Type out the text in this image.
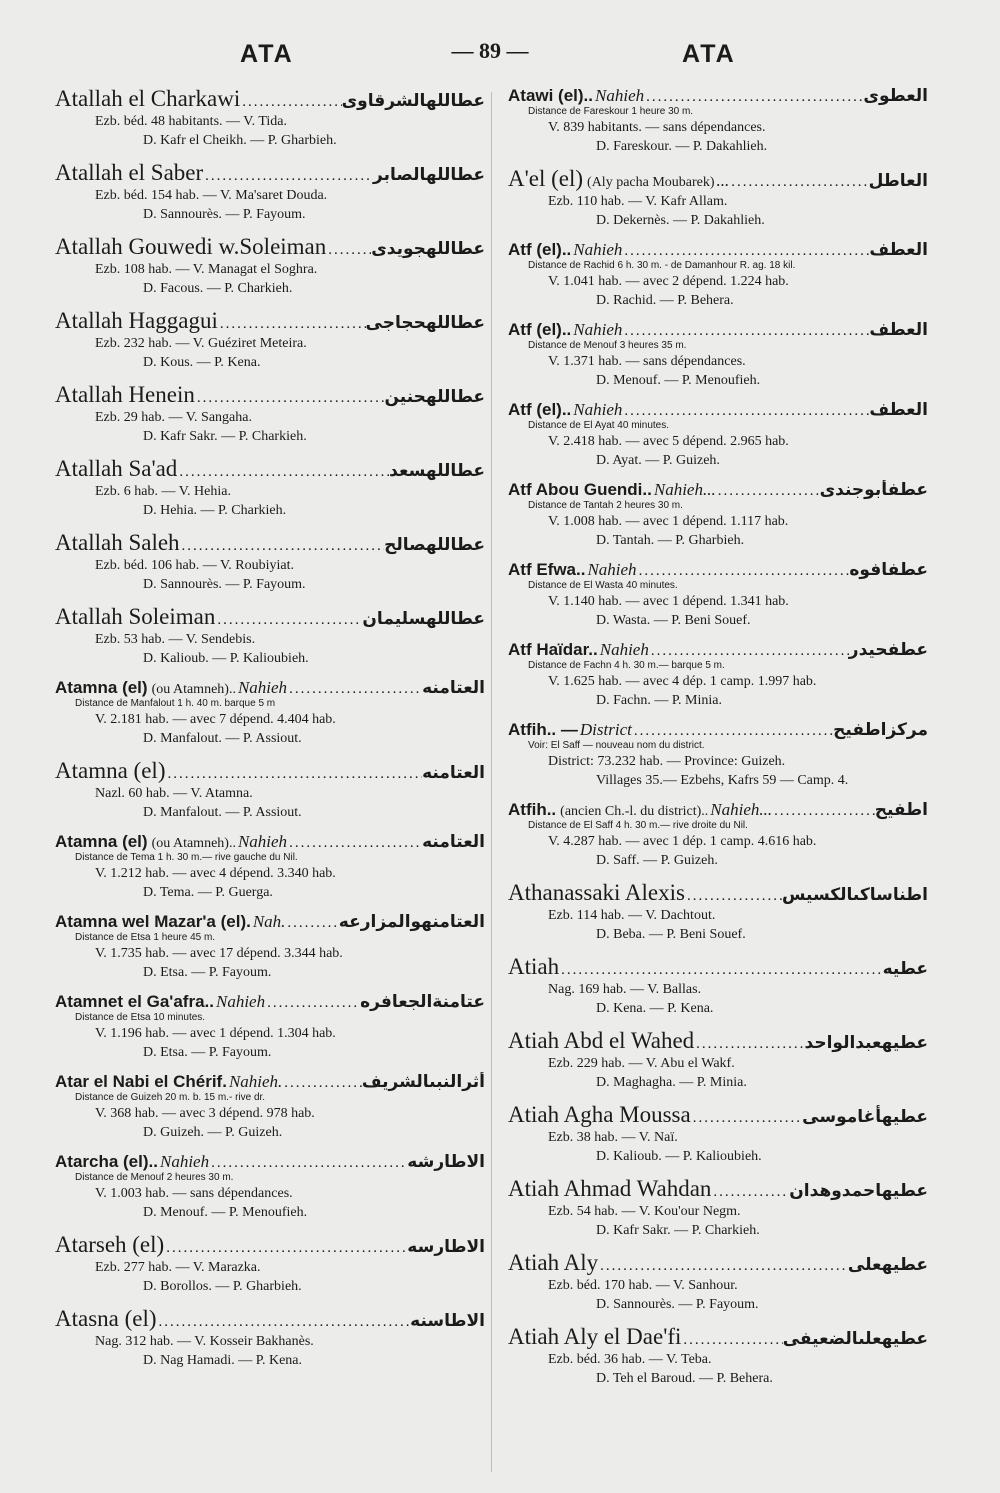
ATA	— 89 —	ATA
Atallah el Charkawi .....	عطاللهالشرقاوى
Ezb. béd. 48 habitants. — V. Tida.
D. Kafr el Cheikh. — P. Gharbieh.
Atallah el Saber .....	عطاللهالصابر
Ezb. béd. 154 hab. — V. Ma'saret Douda.
D. Sannourès. — P. Fayoum.
Atallah Gouwedi w.Soleiman .....	عطاللهجويدى
Ezb. 108 hab. — V. Managat el Soghra.
D. Facous. — P. Charkieh.
Atallah Haggagui .....	عطاللهحجاجى
Ezb. 232 hab. — V. Guéziret Meteira.
D. Kous. — P. Kena.
Atallah Henein .....	عطاللهحنين
Ezb. 29 hab. — V. Sangaha.
D. Kafr Sakr. — P. Charkieh.
Atallah Sa'ad .....	عطاللهسعد
Ezb. 6 hab. — V. Hehia.
D. Hehia. — P. Charkieh.
Atallah Saleh .....	عطاللهصالح
Ezb. béd. 106 hab. — V. Roubiyiat.
D. Sannourès. — P. Fayoum.
Atallah Soleiman .....	عطاللهسليمان
Ezb. 53 hab. — V. Sendebis.
D. Kalioub. — P. Kalioubieh.
Atamna (el) (ou Atamneh).. Nahieh .....	العتامنه
Distance de Manfalout 1 h. 40 m. barque 5 m
V. 2.181 hab. — avec 7 dépend. 4.404 hab.
D. Manfalout. — P. Assiout.
Atamna (el) .....	العتامنه
Nazl. 60 hab. — V. Atamna.
D. Manfalout. — P. Assiout.
Atamna (el) (ou Atamneh).. Nahieh .....	العتامنه
Distance de Tema 1 h. 30 m.— rive gauche du Nil.
V. 1.212 hab. — avec 4 dépend. 3.340 hab.
D. Tema. — P. Guerga.
Atamna wel Mazar'a (el). Nah. .....	العتامنهوالمزارعه
Distance de Etsa 1 heure 45 m.
V. 1.735 hab. — avec 17 dépend. 3.344 hab.
D. Etsa. — P. Fayoum.
Atamnet el Ga'afra.. Nahieh .....	عتامنةالجعافره
Distance de Etsa 10 minutes.
V. 1.196 hab. — avec 1 dépend. 1.304 hab.
D. Etsa. — P. Fayoum.
Atar el Nabi el Chérif. Nahieh. .....	أثرالنبىالشريف
Distance de Guizeh 20 m. b. 15 m.- rive dr.
V. 368 hab. — avec 3 dépend. 978 hab.
D. Guizeh. — P. Guizeh.
Atarcha (el).. Nahieh .....	الاطارشه
Distance de Menouf 2 heures 30 m.
V. 1.003 hab. — sans dépendances.
D. Menouf. — P. Menoufieh.
Atarseh (el) .....	الاطارسه
Ezb. 277 hab. — V. Marazka.
D. Borollos. — P. Gharbieh.
Atasna (el) .....	الاطاسنه
Nag. 312 hab. — V. Kosseir Bakhanès.
D. Nag Hamadi. — P. Kena.
Atawi (el).. Nahieh .....	العطوى
Distance de Fareskour 1 heure 30 m.
V. 839 habitants. — sans dépendances.
D. Fareskour. — P. Dakahlieh.
A'el (el) (Aly pacha Moubarek) ... .....	العاطل
Ezb. 110 hab. — V. Kafr Allam.
D. Dekernès. — P. Dakahlieh.
Atf (el).. Nahieh .....	العطف
Distance de Rachid 6 h. 30 m. - de Damanhour R. ag. 18 kil.
V. 1.041 hab. — avec 2 dépend. 1.224 hab.
D. Rachid. — P. Behera.
Atf (el).. Nahieh .....	العطف
Distance de Menouf 3 heures 35 m.
V. 1.371 hab. — sans dépendances.
D. Menouf. — P. Menoufieh.
Atf (el).. Nahieh .....	العطف
Distance de El Ayat 40 minutes.
V. 2.418 hab. — avec 5 dépend. 2.965 hab.
D. Ayat. — P. Guizeh.
Atf Abou Guendi.. Nahieh... .....	عطفأبوجندى
Distance de Tantah 2 heures 30 m.
V. 1.008 hab. — avec 1 dépend. 1.117 hab.
D. Tantah. — P. Gharbieh.
Atf Efwa.. Nahieh .....	عطفافوه
Distance de El Wasta 40 minutes.
V. 1.140 hab. — avec 1 dépend. 1.341 hab.
D. Wasta. — P. Beni Souef.
Atf Haïdar.. Nahieh .....	عطفحيدر
Distance de Fachn 4 h. 30 m.— barque 5 m.
V. 1.625 hab. — avec 4 dép. 1 camp. 1.997 hab.
D. Fachn. — P. Minia.
Atfih.. — District .....	مركزاطفيح
Voir: El Saff — nouveau nom du district.
District: 73.232 hab. — Province: Guizeh.
Villages 35.— Ezbehs, Kafrs 59 — Camp. 4.
Atfih.. (ancien Ch.-l. du district).. Nahieh... .....	اطفيح
Distance de El Saff 4 h. 30 m.— rive droite du Nil.
V. 4.287 hab. — avec 1 dép. 1 camp. 4.616 hab.
D. Saff. — P. Guizeh.
Athanassaki Alexis .....	اطناساكىالكسيس
Ezb. 114 hab. — V. Dachtout.
D. Beba. — P. Beni Souef.
Atiah .....	عطيه
Nag. 169 hab. — V. Ballas.
D. Kena. — P. Kena.
Atiah Abd el Wahed .....	عطيهعبدالواحد
Ezb. 229 hab. — V. Abu el Wakf.
D. Maghagha. — P. Minia.
Atiah Agha Moussa .....	عطيهأغاموسى
Ezb. 38 hab. — V. Naï.
D. Kalioub. — P. Kalioubieh.
Atiah Ahmad Wahdan .....	عطيهاحمدوهدان
Ezb. 54 hab. — V. Kou'our Negm.
D. Kafr Sakr. — P. Charkieh.
Atiah Aly .....	عطيهعلى
Ezb. béd. 170 hab. — V. Sanhour.
D. Sannourès. — P. Fayoum.
Atiah Aly el Dae'fi .....	عطيهعلىالضعيفى
Ezb. béd. 36 hab. — V. Teba.
D. Teh el Baroud. — P. Behera.
